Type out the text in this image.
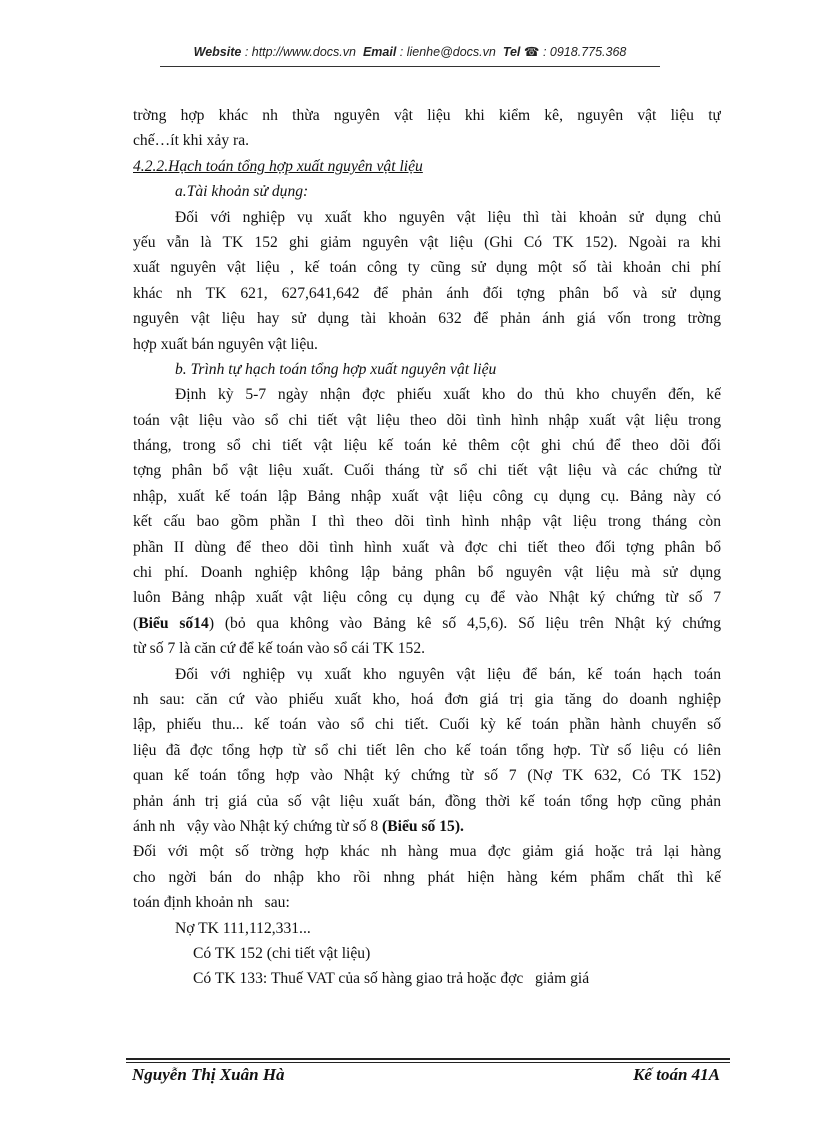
Website : http://www.docs.vn Email : lienhe@docs.vn Tel ☎ : 0918.775.368
trờng hợp khác nh thừa nguyên vật liệu khi kiểm kê, nguyên vật liệu tự
chế…ít khi xảy ra.
4.2.2.Hạch toán tổng hợp xuất nguyên vật liệu
a.Tài khoản sử dụng:
Đối với nghiệp vụ xuất kho nguyên vật liệu thì tài khoản sử dụng chủ
yếu vẫn là TK 152 ghi giảm nguyên vật liệu (Ghi Có TK 152). Ngoài ra khi
xuất nguyên vật liệu , kế toán công ty cũng sử dụng một số tài khoản chi phí
khác nh TK 621, 627,641,642 để phản ánh đối tợng phân bổ và sử dụng
nguyên vật liệu hay sử dụng tài khoản 632 để phản ánh giá vốn trong trờng
hợp xuất bán nguyên vật liệu.
b. Trình tự hạch toán tổng hợp xuất nguyên vật liệu
Định kỳ 5-7 ngày nhận đợc phiếu xuất kho do thủ kho chuyển đến, kế
toán vật liệu vào sổ chi tiết vật liệu theo dõi tình hình nhập xuất vật liệu trong
tháng, trong sổ chi tiết vật liệu kế toán kẻ thêm cột ghi chú để theo dõi đối
tợng phân bổ vật liệu xuất. Cuối tháng từ sổ chi tiết vật liệu và các chứng từ
nhập, xuất kế toán lập Bảng nhập xuất vật liệu công cụ dụng cụ. Bảng này có
kết cấu bao gồm phần I thì theo dõi tình hình nhập vật liệu trong tháng còn
phần II dùng để theo dõi tình hình xuất và đợc chi tiết theo đối tợng phân bổ
chi phí. Doanh nghiệp không lập bảng phân bổ nguyên vật liệu mà sử dụng
luôn Bảng nhập xuất vật liệu công cụ dụng cụ để vào Nhật ký chứng từ số 7
(Biểu số14) (bỏ qua không vào Bảng kê số 4,5,6). Số liệu trên Nhật ký chứng
từ số 7 là căn cứ để kế toán vào sổ cái TK 152.
Đối với nghiệp vụ xuất kho nguyên vật liệu để bán, kế toán hạch toán
nh sau: căn cứ vào phiếu xuất kho, hoá đơn giá trị gia tăng do doanh nghiệp
lập, phiếu thu... kế toán vào sổ chi tiết. Cuối kỳ kế toán phần hành chuyển số
liệu đã đợc tổng hợp từ sổ chi tiết lên cho kế toán tổng hợp. Từ số liệu có liên
quan kế toán tổng hợp vào Nhật ký chứng từ số 7 (Nợ TK 632, Có TK 152)
phản ánh trị giá của số vật liệu xuất bán, đồng thời kế toán tổng hợp cũng phản
ánh nh   vậy vào Nhật ký chứng từ số 8 (Biểu số 15).
Đối với một số trờng hợp khác nh hàng mua đợc giảm giá hoặc trả lại hàng
cho ngời bán do nhập kho rồi nhng phát hiện hàng kém phẩm chất thì kế
toán định khoản nh   sau:
Nợ TK 111,112,331...
Có TK 152 (chi tiết vật liệu)
Có TK 133: Thuế VAT của số hàng giao trả hoặc đợc   giảm giá
Nguyễn Thị Xuân Hà	Kế toán 41A
